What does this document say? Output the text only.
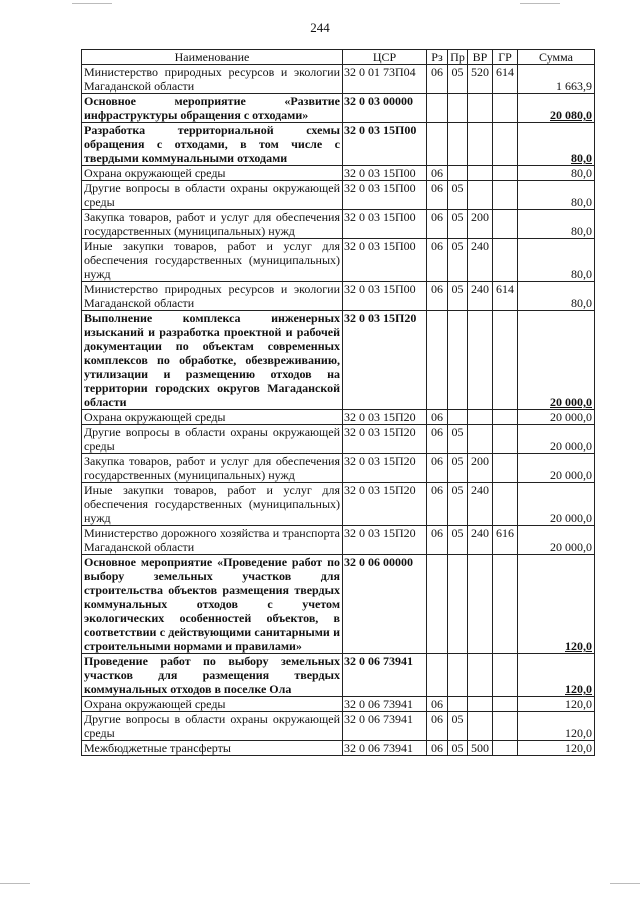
244
Наименование	ЦСР	Рз	Пр	ВР	ГР	Сумма
Министерство природных ресурсов и экологии Магаданской области	32 0 01 73П04	06	05	520	614	1 663,9
Основное мероприятие «Развитие инфраструктуры обращения с отходами»	32 0 03 00000					20 080,0
Разработка территориальной схемы обращения с отходами, в том числе с твердыми коммунальными отходами	32 0 03 15П00					80,0
Охрана окружающей среды	32 0 03 15П00	06				80,0
Другие вопросы в области охраны окружающей среды	32 0 03 15П00	06	05			80,0
Закупка товаров, работ и услуг для обеспечения государственных (муниципальных) нужд	32 0 03 15П00	06	05	200		80,0
Иные закупки товаров, работ и услуг для обеспечения государственных (муниципальных) нужд	32 0 03 15П00	06	05	240		80,0
Министерство природных ресурсов и экологии Магаданской области	32 0 03 15П00	06	05	240	614	80,0
Выполнение комплекса инженерных изысканий и разработка проектной и рабочей документации по объектам современных комплексов по обработке, обезвреживанию, утилизации и размещению отходов на территории городских округов Магаданской области	32 0 03 15П20					20 000,0
Охрана окружающей среды	32 0 03 15П20	06				20 000,0
Другие вопросы в области охраны окружающей среды	32 0 03 15П20	06	05			20 000,0
Закупка товаров, работ и услуг для обеспечения государственных (муниципальных) нужд	32 0 03 15П20	06	05	200		20 000,0
Иные закупки товаров, работ и услуг для обеспечения государственных (муниципальных) нужд	32 0 03 15П20	06	05	240		20 000,0
Министерство дорожного хозяйства и транспорта Магаданской области	32 0 03 15П20	06	05	240	616	20 000,0
Основное мероприятие «Проведение работ по выбору земельных участков для строительства объектов размещения твердых коммунальных отходов с учетом экологических особенностей объектов, в соответствии с действующими санитарными и строительными нормами и правилами»	32 0 06 00000					120,0
Проведение работ по выбору земельных участков для размещения твердых коммунальных отходов в поселке Ола	32 0 06 73941					120,0
Охрана окружающей среды	32 0 06 73941	06				120,0
Другие вопросы в области охраны окружающей среды	32 0 06 73941	06	05			120,0
Межбюджетные трансферты	32 0 06 73941	06	05	500		120,0
